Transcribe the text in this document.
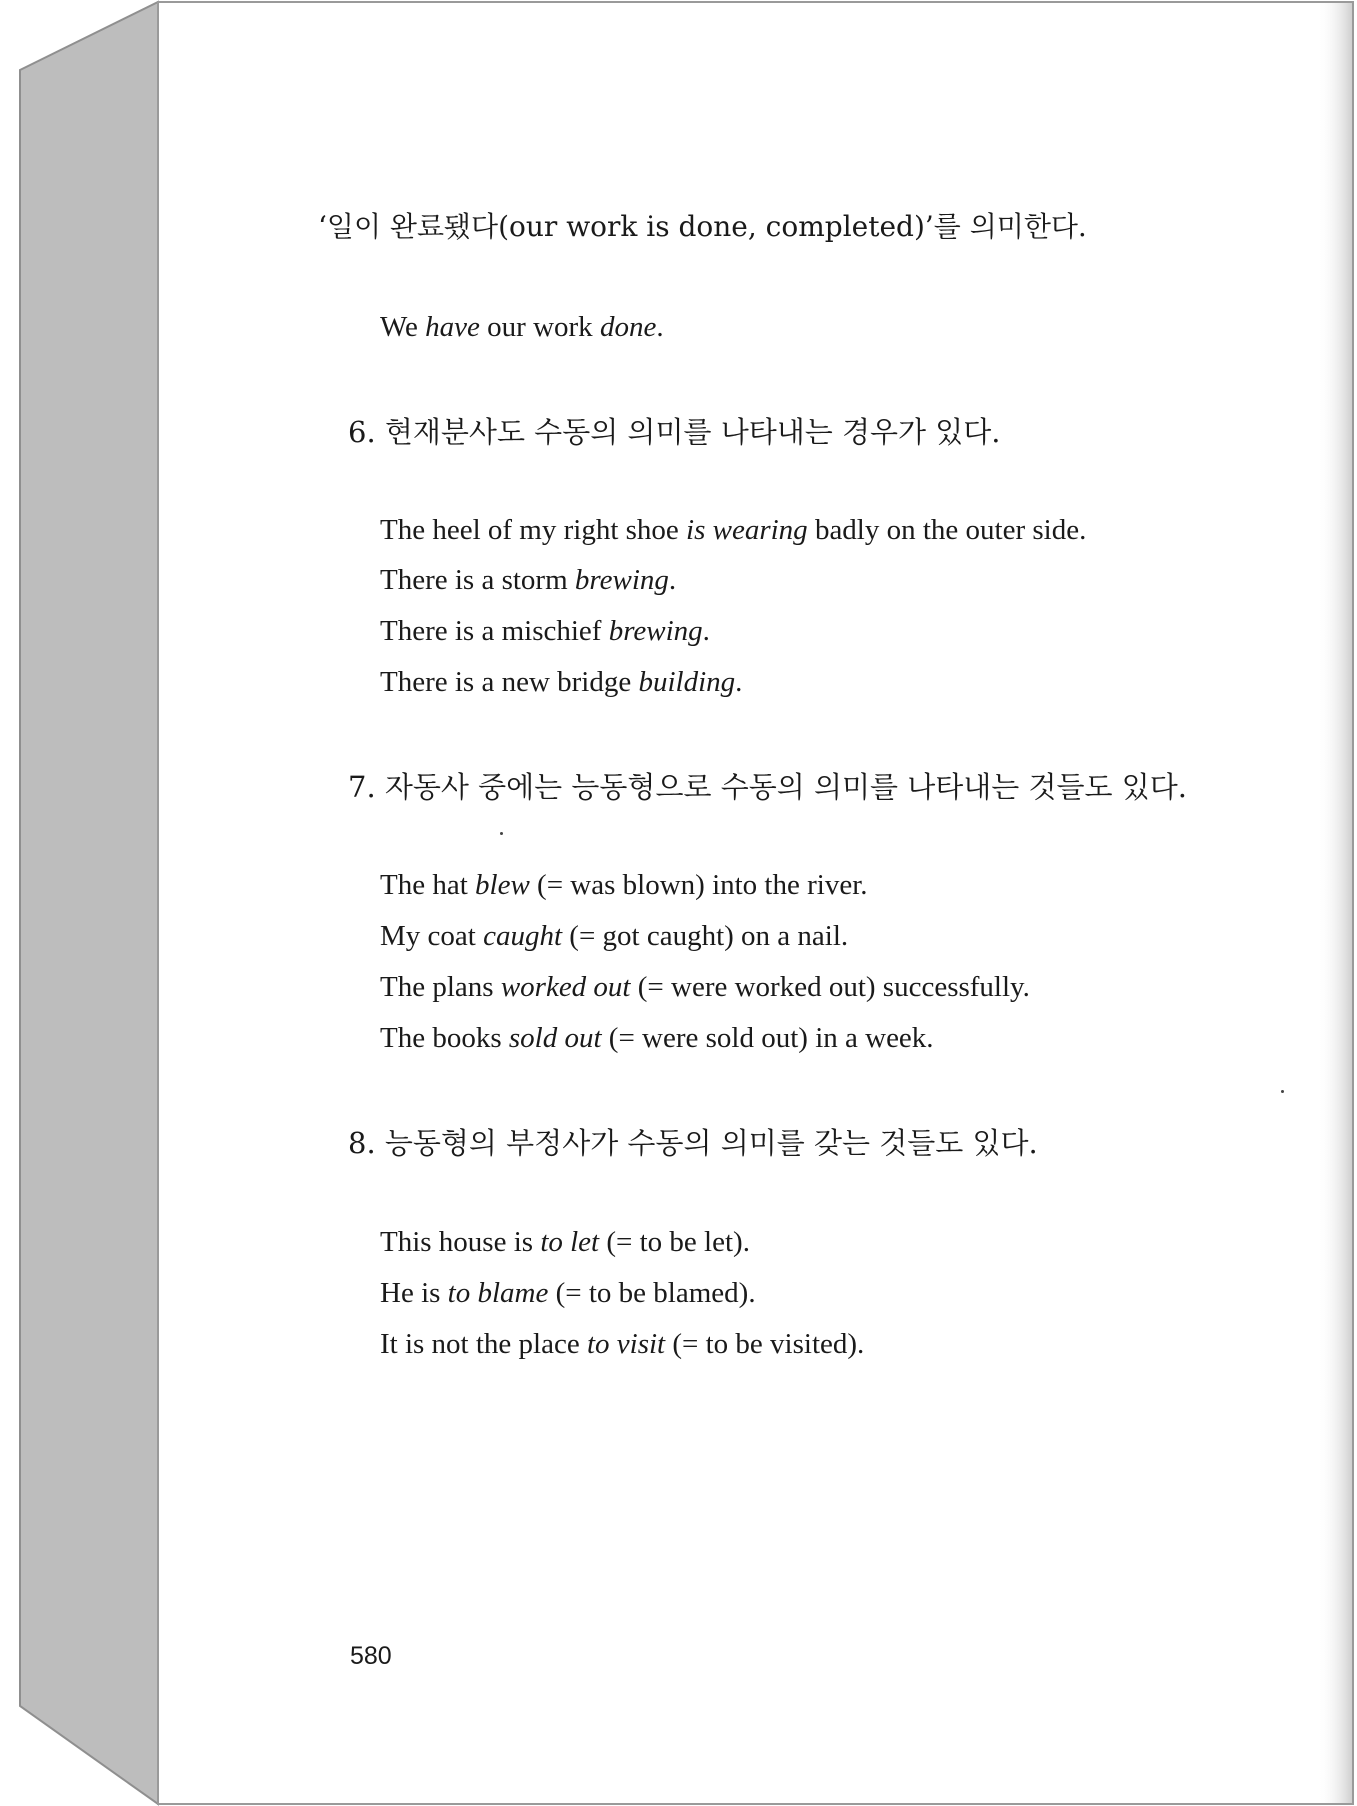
‘일이 완료됐다(our work is done, completed)’를 의미한다.
We have our work done.
6. 현재분사도 수동의 의미를 나타내는 경우가 있다.
The heel of my right shoe is wearing badly on the outer side.
There is a storm brewing.
There is a mischief brewing.
There is a new bridge building.
7. 자동사 중에는 능동형으로 수동의 의미를 나타내는 것들도 있다.
The hat blew (= was blown) into the river.
My coat caught (= got caught) on a nail.
The plans worked out (= were worked out) successfully.
The books sold out (= were sold out) in a week.
8. 능동형의 부정사가 수동의 의미를 갖는 것들도 있다.
This house is to let (= to be let).
He is to blame (= to be blamed).
It is not the place to visit (= to be visited).
580
